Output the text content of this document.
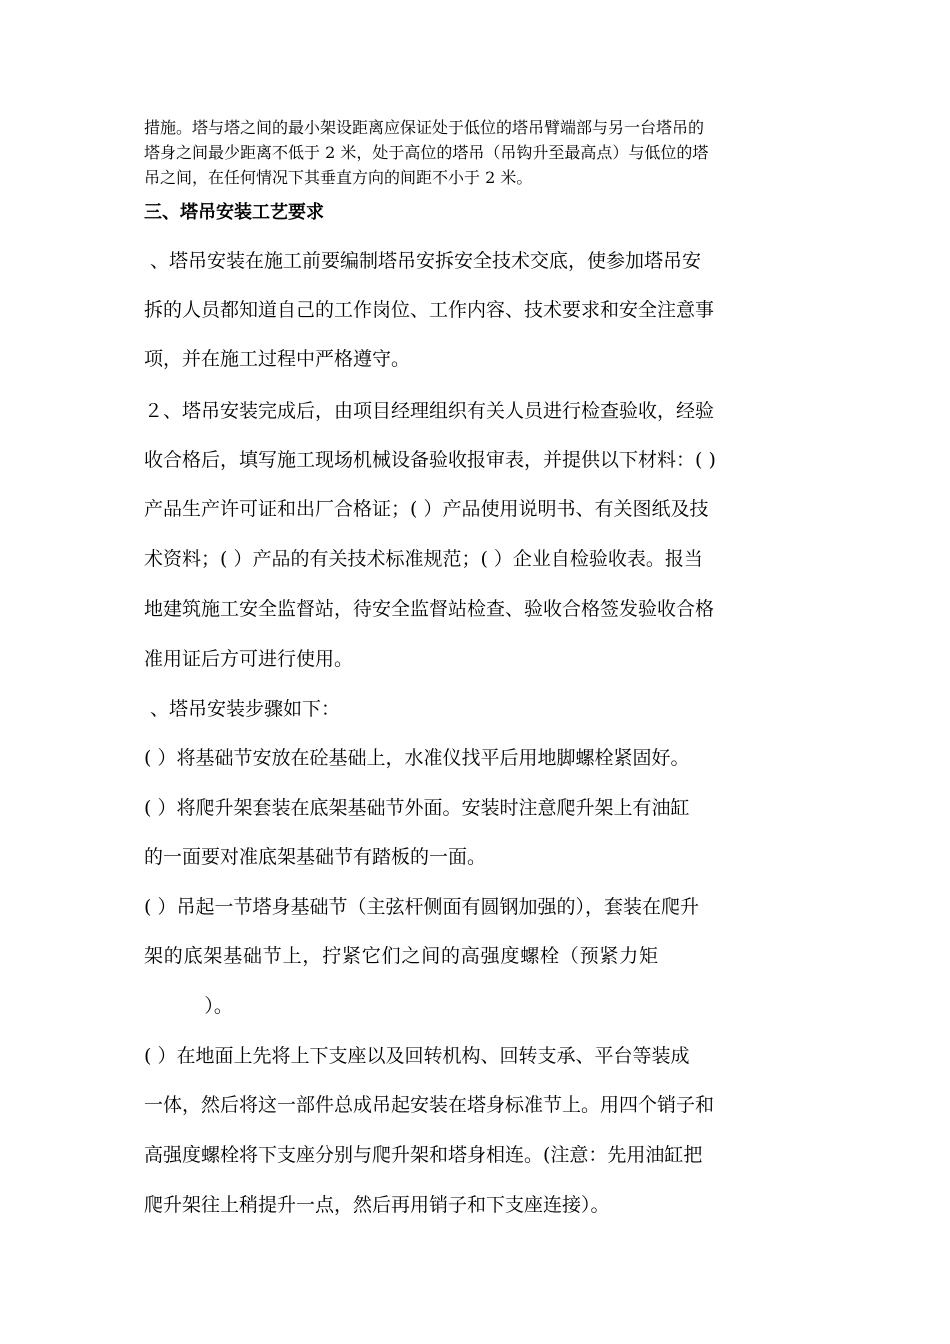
措施。塔与塔之间的最小架设距离应保证处于低位的塔吊臂端部与另一台塔吊的
塔身之间最少距离不低于 2 米，处于高位的塔吊（吊钩升至最高点）与低位的塔
吊之间，在任何情况下其垂直方向的间距不小于 2 米。
三、塔吊安装工艺要求
、塔吊安装在施工前要编制塔吊安拆安全技术交底，使参加塔吊安
拆的人员都知道自己的工作岗位、工作内容、技术要求和安全注意事
项，并在施工过程中严格遵守。
２、塔吊安装完成后，由项目经理组织有关人员进行检查验收，经验
收合格后，填写施工现场机械设备验收报审表，并提供以下材料：( )
产品生产许可证和出厂合格证；( ）产品使用说明书、有关图纸及技
术资料；( ）产品的有关技术标准规范；( ）企业自检验收表。报当
地建筑施工安全监督站，待安全监督站检查、验收合格签发验收合格
准用证后方可进行使用。
、塔吊安装步骤如下：
( ）将基础节安放在砼基础上，水准仪找平后用地脚螺栓紧固好。
( ）将爬升架套装在底架基础节外面。安装时注意爬升架上有油缸
的一面要对准底架基础节有踏板的一面。
( ）吊起一节塔身基础节（主弦杆侧面有圆钢加强的），套装在爬升
架的底架基础节上，拧紧它们之间的高强度螺栓（预紧力矩
）。
( ）在地面上先将上下支座以及回转机构、回转支承、平台等装成
一体，然后将这一部件总成吊起安装在塔身标准节上。用四个销子和
高强度螺栓将下支座分别与爬升架和塔身相连。(注意：先用油缸把
爬升架往上稍提升一点，然后再用销子和下支座连接）。
